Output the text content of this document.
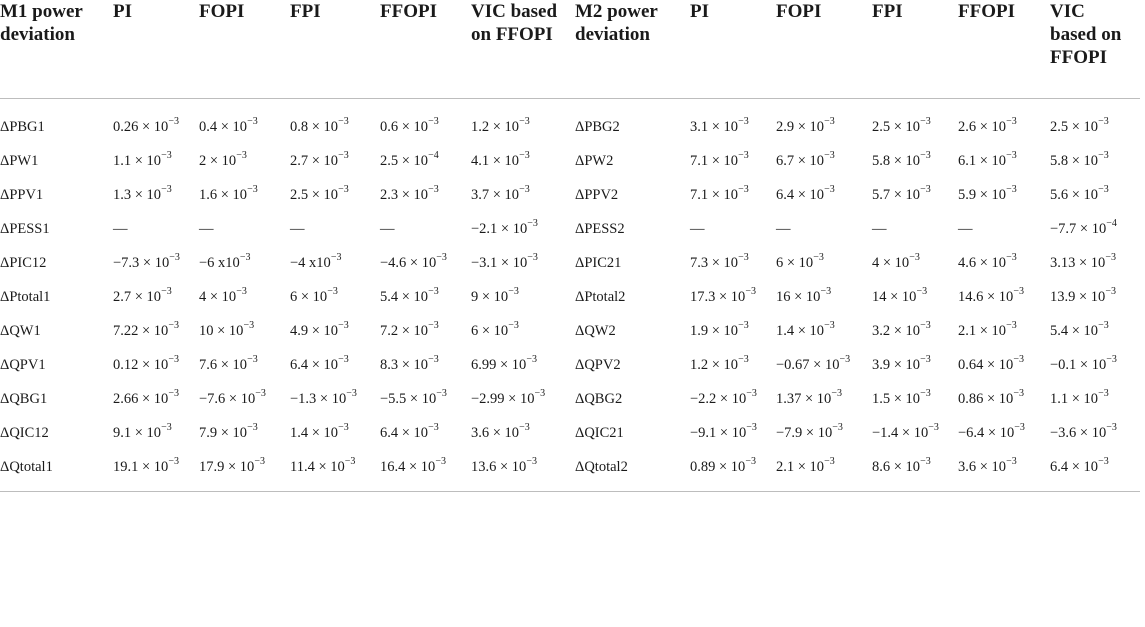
M1 power deviation	PI	FOPI	FPI	FFOPI	VIC based on FFOPI	M2 power deviation	PI	FOPI	FPI	FFOPI	VIC based on FFOPI
ΔPBG1	$0.26 \times 10^{-3}$	$0.4 \times 10^{-3}$	$0.8 \times 10^{-3}$	$0.6 \times 10^{-3}$	$1.2 \times 10^{-3}$	ΔPBG2	$3.1 \times 10^{-3}$	$2.9 \times 10^{-3}$	$2.5 \times 10^{-3}$	$2.6 \times 10^{-3}$	$2.5 \times 10^{-3}$
ΔPW1	$1.1 \times 10^{-3}$	$2 \times 10^{-3}$	$2.7 \times 10^{-3}$	$2.5 \times 10^{-4}$	$4.1 \times 10^{-3}$	ΔPW2	$7.1 \times 10^{-3}$	$6.7 \times 10^{-3}$	$5.8 \times 10^{-3}$	$6.1 \times 10^{-3}$	$5.8 \times 10^{-3}$
ΔPPV1	$1.3 \times 10^{-3}$	$1.6 \times 10^{-3}$	$2.5 \times 10^{-3}$	$2.3 \times 10^{-3}$	$3.7 \times 10^{-3}$	ΔPPV2	$7.1 \times 10^{-3}$	$6.4 \times 10^{-3}$	$5.7 \times 10^{-3}$	$5.9 \times 10^{-3}$	$5.6 \times 10^{-3}$
ΔPESS1	—	—	—	—	$-2.1 \times 10^{-3}$	ΔPESS2	—	—	—	—	$-7.7 \times 10^{-4}$
ΔPIC12	$-7.3 \times 10^{-3}$	−6 $x10^{-3}$	−4 $x10^{-3}$	$-4.6 \times 10^{-3}$	$-3.1 \times 10^{-3}$	ΔPIC21	$7.3 \times 10^{-3}$	$6 \times 10^{-3}$	$4 \times 10^{-3}$	$4.6 \times 10^{-3}$	$3.13 \times 10^{-3}$
ΔPtotal1	$2.7 \times 10^{-3}$	$4 \times 10^{-3}$	$6 \times 10^{-3}$	$5.4 \times 10^{-3}$	$9 \times 10^{-3}$	ΔPtotal2	$17.3 \times 10^{-3}$	$16 \times 10^{-3}$	$14 \times 10^{-3}$	$14.6 \times 10^{-3}$	$13.9 \times 10^{-3}$
ΔQW1	$7.22 \times 10^{-3}$	$10 \times 10^{-3}$	$4.9 \times 10^{-3}$	$7.2 \times 10^{-3}$	$6 \times 10^{-3}$	ΔQW2	$1.9 \times 10^{-3}$	$1.4 \times 10^{-3}$	$3.2 \times 10^{-3}$	$2.1 \times 10^{-3}$	$5.4 \times 10^{-3}$
ΔQPV1	$0.12 \times 10^{-3}$	$7.6 \times 10^{-3}$	$6.4 \times 10^{-3}$	$8.3 \times 10^{-3}$	$6.99 \times 10^{-3}$	ΔQPV2	$1.2 \times 10^{-3}$	$-0.67 \times 10^{-3}$	$3.9 \times 10^{-3}$	$0.64 \times 10^{-3}$	$-0.1 \times 10^{-3}$
ΔQBG1	$2.66 \times 10^{-3}$	$-7.6 \times 10^{-3}$	$-1.3 \times 10^{-3}$	$-5.5 \times 10^{-3}$	$-2.99 \times 10^{-3}$	ΔQBG2	$-2.2 \times 10^{-3}$	$1.37 \times 10^{-3}$	$1.5 \times 10^{-3}$	$0.86 \times 10^{-3}$	$1.1 \times 10^{-3}$
ΔQIC12	$9.1 \times 10^{-3}$	$7.9 \times 10^{-3}$	$1.4 \times 10^{-3}$	$6.4 \times 10^{-3}$	$3.6 \times 10^{-3}$	ΔQIC21	$-9.1 \times 10^{-3}$	$-7.9 \times 10^{-3}$	$-1.4 \times 10^{-3}$	$-6.4 \times 10^{-3}$	$-3.6 \times 10^{-3}$
ΔQtotal1	$19.1 \times 10^{-3}$	$17.9 \times 10^{-3}$	$11.4 \times 10^{-3}$	$16.4 \times 10^{-3}$	$13.6 \times 10^{-3}$	ΔQtotal2	$0.89 \times 10^{-3}$	$2.1 \times 10^{-3}$	$8.6 \times 10^{-3}$	$3.6 \times 10^{-3}$	$6.4 \times 10^{-3}$
